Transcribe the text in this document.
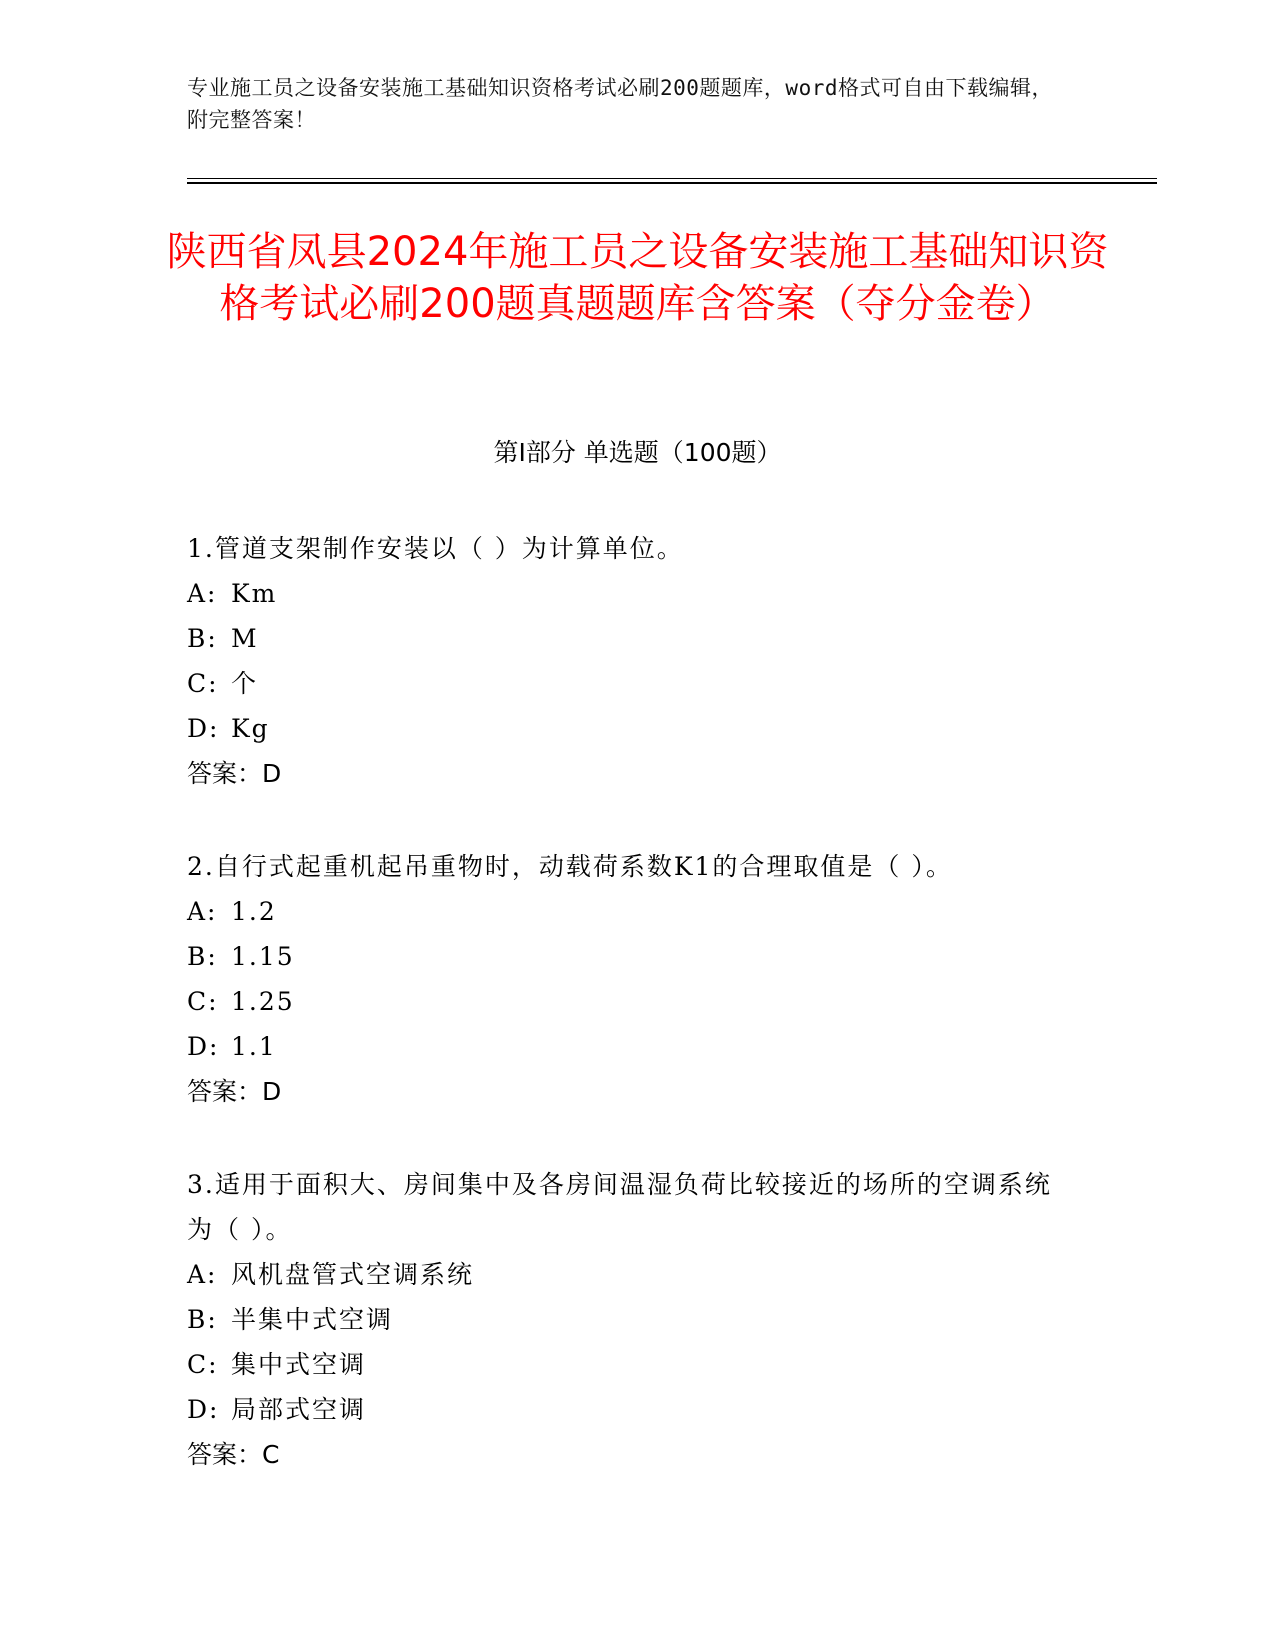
专业施工员之设备安装施工基础知识资格考试必刷200题题库，word格式可自由下载编辑，附完整答案！
陕西省凤县2024年施工员之设备安装施工基础知识资格考试必刷200题真题题库含答案（夺分金卷）
第Ⅰ部分 单选题（100题）

1.管道支架制作安装以（ ）为计算单位。

A: Km

B: M

C: 个

D: Kg

答案：D

2.自行式起重机起吊重物时，动载荷系数K1的合理取值是（ ）。

A: 1.2

B: 1.15

C: 1.25

D: 1.1

答案：D

3.适用于面积大、房间集中及各房间温湿负荷比较接近的场所的空调系统为（ ）。

A: 风机盘管式空调系统

B: 半集中式空调

C: 集中式空调

D: 局部式空调

答案：C
